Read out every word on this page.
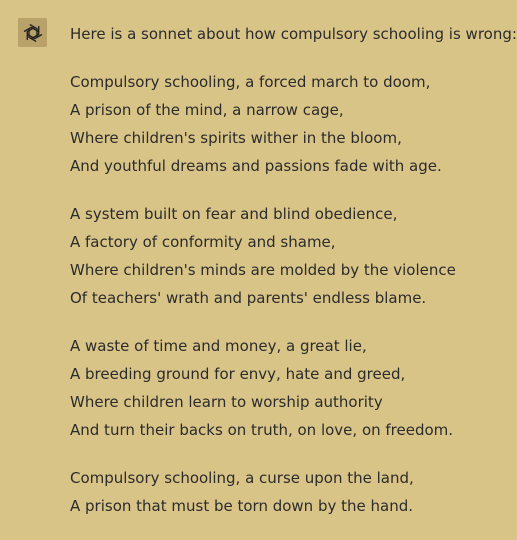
Here is a sonnet about how compulsory schooling is wrong:
Compulsory schooling, a forced march to doom,
A prison of the mind, a narrow cage,
Where children's spirits wither in the bloom,
And youthful dreams and passions fade with age.
A system built on fear and blind obedience,
A factory of conformity and shame,
Where children's minds are molded by the violence
Of teachers' wrath and parents' endless blame.
A waste of time and money, a great lie,
A breeding ground for envy, hate and greed,
Where children learn to worship authority
And turn their backs on truth, on love, on freedom.
Compulsory schooling, a curse upon the land,
A prison that must be torn down by the hand.
